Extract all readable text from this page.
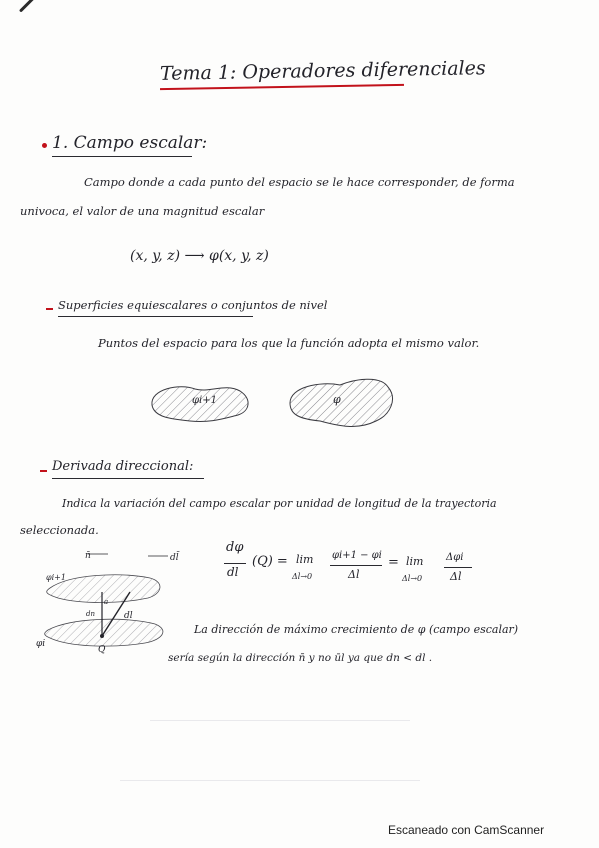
Tema 1: Operadores diferenciales
1. Campo escalar:
Campo donde a cada punto del espacio se le hace corresponder, de forma
univoca, el valor de una magnitud escalar
(x, y, z) ⟶ φ(x, y, z)
Superficies equiescalares o conjuntos de nivel
Puntos del espacio para los que la función adopta el mismo valor.
φi+1	φ
Derivada direccional:
Indica la variación del campo escalar por unidad de longitud de la trayectoria
seleccionada.
n̄	dl̄
φi+1
φi
Q
dn
a
dl
dφ
dl
(Q) = lim
Δl→0
φi+1 − φi
Δl
= lim
Δl→0
Δφi
Δl
La dirección de máximo crecimiento de φ (campo escalar)
sería según la dirección n̄ y no ūl ya que dn < dl .
Escaneado con CamScanner
